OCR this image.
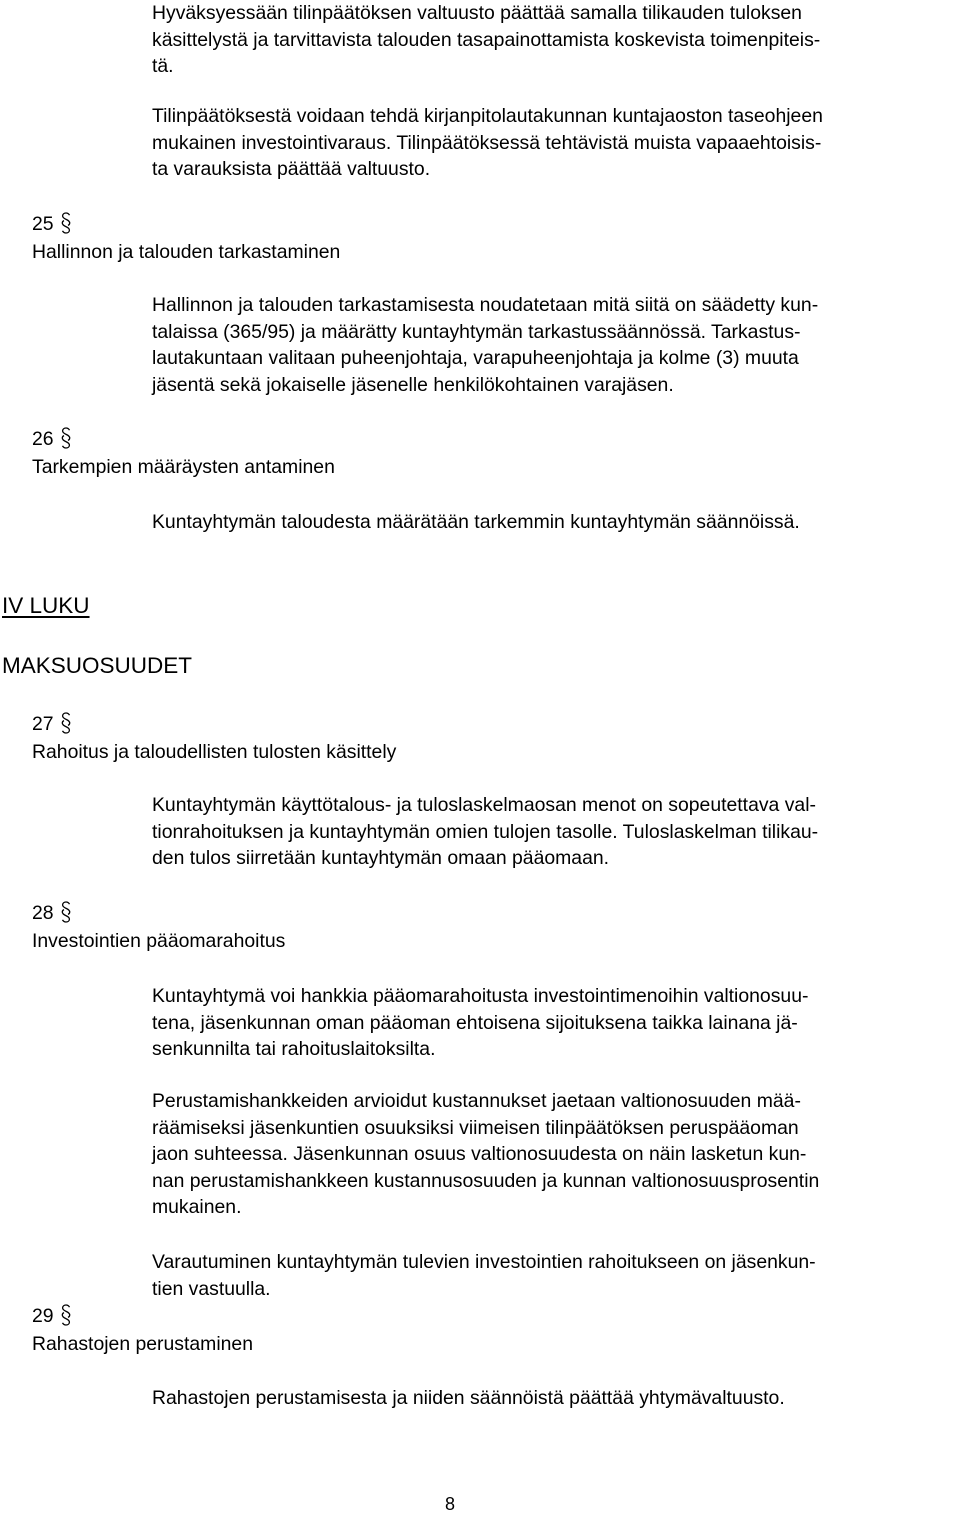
Hyväksyessään tilinpäätöksen valtuusto päättää samalla tilikauden tuloksen
käsittelystä ja tarvittavista talouden tasapainottamista koskevista toimenpiteis-
tä.
Tilinpäätöksestä voidaan tehdä kirjanpitolautakunnan kuntajaoston taseohjeen
mukainen investointivaraus. Tilinpäätöksessä tehtävistä muista vapaaehtoisis-
ta varauksista päättää valtuusto.
25
Hallinnon ja talouden tarkastaminen
Hallinnon ja talouden tarkastamisesta noudatetaan mitä siitä on säädetty kun-
talaissa (365/95) ja määrätty kuntayhtymän tarkastussäännössä. Tarkastus-
lautakuntaan valitaan puheenjohtaja, varapuheenjohtaja ja kolme (3) muuta
jäsentä sekä jokaiselle jäsenelle henkilökohtainen varajäsen.
26
Tarkempien määräysten antaminen
Kuntayhtymän taloudesta määrätään tarkemmin kuntayhtymän säännöissä.
IV LUKU
MAKSUOSUUDET
27
Rahoitus ja taloudellisten tulosten käsittely
Kuntayhtymän käyttötalous- ja tuloslaskelmaosan menot on sopeutettava val-
tionrahoituksen ja kuntayhtymän omien tulojen tasolle. Tuloslaskelman tilikau-
den tulos siirretään kuntayhtymän omaan pääomaan.
28
Investointien pääomarahoitus
Kuntayhtymä voi hankkia pääomarahoitusta investointimenoihin valtionosuu-
tena, jäsenkunnan oman pääoman ehtoisena sijoituksena taikka lainana jä-
senkunnilta tai rahoituslaitoksilta.
Perustamishankkeiden arvioidut kustannukset jaetaan valtionosuuden mää-
räämiseksi jäsenkuntien osuuksiksi viimeisen tilinpäätöksen peruspääoman
jaon suhteessa. Jäsenkunnan osuus valtionosuudesta on näin lasketun kun-
nan perustamishankkeen kustannusosuuden ja kunnan valtionosuusprosentin
mukainen.
Varautuminen kuntayhtymän tulevien investointien rahoitukseen on jäsenkun-
tien vastuulla.
29
Rahastojen perustaminen
Rahastojen perustamisesta ja niiden säännöistä päättää yhtymävaltuusto.
8
